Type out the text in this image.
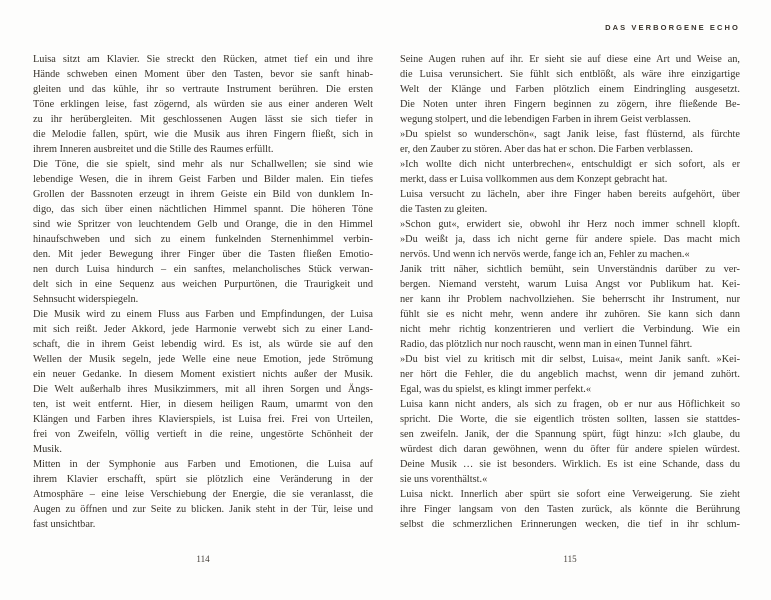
DAS VERBORGENE ECHO
Luisa sitzt am Klavier. Sie streckt den Rücken, atmet tief ein und ihre
Hände schweben einen Moment über den Tasten, bevor sie sanft hinab-
gleiten und das kühle, ihr so vertraute Instrument berühren. Die ersten
Töne erklingen leise, fast zögernd, als würden sie aus einer anderen Welt
zu ihr herübergleiten. Mit geschlossenen Augen lässt sie sich tiefer in
die Melodie fallen, spürt, wie die Musik aus ihren Fingern fließt, sich in
ihrem Inneren ausbreitet und die Stille des Raumes erfüllt.
Die Töne, die sie spielt, sind mehr als nur Schallwellen; sie sind wie
lebendige Wesen, die in ihrem Geist Farben und Bilder malen. Ein tiefes
Grollen der Bassnoten erzeugt in ihrem Geiste ein Bild von dunklem In-
digo, das sich über einen nächtlichen Himmel spannt. Die höheren Töne
sind wie Spritzer von leuchtendem Gelb und Orange, die in den Himmel
hinaufschweben und sich zu einem funkelnden Sternenhimmel verbin-
den. Mit jeder Bewegung ihrer Finger über die Tasten fließen Emotio-
nen durch Luisa hindurch – ein sanftes, melancholisches Stück verwan-
delt sich in eine Sequenz aus weichen Purpurtönen, die Traurigkeit und
Sehnsucht widerspiegeln.
Die Musik wird zu einem Fluss aus Farben und Empfindungen, der Luisa
mit sich reißt. Jeder Akkord, jede Harmonie verwebt sich zu einer Land-
schaft, die in ihrem Geist lebendig wird. Es ist, als würde sie auf den
Wellen der Musik segeln, jede Welle eine neue Emotion, jede Strömung
ein neuer Gedanke. In diesem Moment existiert nichts außer der Musik.
Die Welt außerhalb ihres Musikzimmers, mit all ihren Sorgen und Ängs-
ten, ist weit entfernt. Hier, in diesem heiligen Raum, umarmt von den
Klängen und Farben ihres Klavierspiels, ist Luisa frei. Frei von Urteilen,
frei von Zweifeln, völlig vertieft in die reine, ungestörte Schönheit der
Musik.
Mitten in der Symphonie aus Farben und Emotionen, die Luisa auf
ihrem Klavier erschafft, spürt sie plötzlich eine Veränderung in der
Atmosphäre – eine leise Verschiebung der Energie, die sie veranlasst, die
Augen zu öffnen und zur Seite zu blicken. Janik steht in der Tür, leise und
fast unsichtbar.
Seine Augen ruhen auf ihr. Er sieht sie auf diese eine Art und Weise an,
die Luisa verunsichert. Sie fühlt sich entblößt, als wäre ihre einzigartige
Welt der Klänge und Farben plötzlich einem Eindringling ausgesetzt.
Die Noten unter ihren Fingern beginnen zu zögern, ihre fließende Be-
wegung stolpert, und die lebendigen Farben in ihrem Geist verblassen.
»Du spielst so wunderschön«, sagt Janik leise, fast flüsternd, als fürchte
er, den Zauber zu stören. Aber das hat er schon. Die Farben verblassen.
»Ich wollte dich nicht unterbrechen«, entschuldigt er sich sofort, als er
merkt, dass er Luisa vollkommen aus dem Konzept gebracht hat.
Luisa versucht zu lächeln, aber ihre Finger haben bereits aufgehört, über
die Tasten zu gleiten.
»Schon gut«, erwidert sie, obwohl ihr Herz noch immer schnell klopft.
»Du weißt ja, dass ich nicht gerne für andere spiele. Das macht mich
nervös. Und wenn ich nervös werde, fange ich an, Fehler zu machen.«
Janik tritt näher, sichtlich bemüht, sein Unverständnis darüber zu ver-
bergen. Niemand versteht, warum Luisa Angst vor Publikum hat. Kei-
ner kann ihr Problem nachvollziehen. Sie beherrscht ihr Instrument, nur
fühlt sie es nicht mehr, wenn andere ihr zuhören. Sie kann sich dann
nicht mehr richtig konzentrieren und verliert die Verbindung. Wie ein
Radio, das plötzlich nur noch rauscht, wenn man in einen Tunnel fährt.
»Du bist viel zu kritisch mit dir selbst, Luisa«, meint Janik sanft. »Kei-
ner hört die Fehler, die du angeblich machst, wenn dir jemand zuhört.
Egal, was du spielst, es klingt immer perfekt.«
Luisa kann nicht anders, als sich zu fragen, ob er nur aus Höflichkeit so
spricht. Die Worte, die sie eigentlich trösten sollten, lassen sie stattdes-
sen zweifeln. Janik, der die Spannung spürt, fügt hinzu: »Ich glaube, du
würdest dich daran gewöhnen, wenn du öfter für andere spielen würdest.
Deine Musik … sie ist besonders. Wirklich. Es ist eine Schande, dass du
sie uns vorenthältst.«
Luisa nickt. Innerlich aber spürt sie sofort eine Verweigerung. Sie zieht
ihre Finger langsam von den Tasten zurück, als könnte die Berührung
selbst die schmerzlichen Erinnerungen wecken, die tief in ihr schlum-
114	115
